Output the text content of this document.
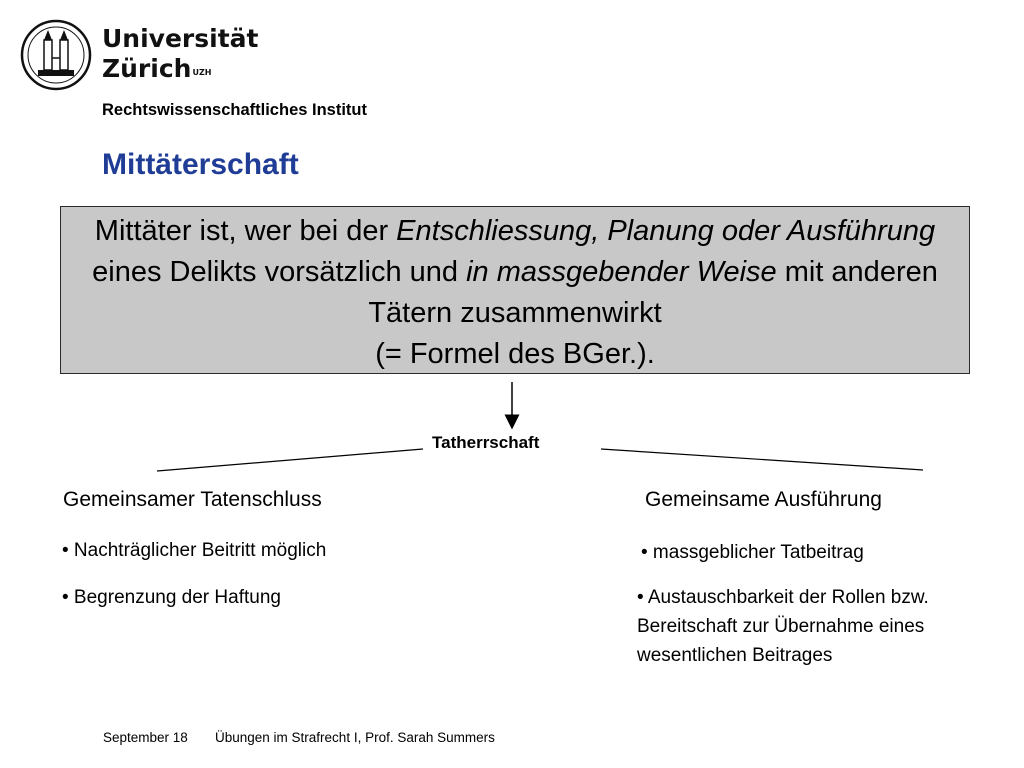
Universität
Zürich$^{UZH}$
Rechtswissenschaftliches Institut
Mittäterschaft
Mittäter ist, wer bei der Entschliessung, Planung oder Ausführung eines Delikts vorsätzlich und in massgebender Weise mit anderen Tätern zusammenwirkt
(= Formel des BGer.).
Tatherrschaft
Gemeinsamer Tatenschluss	Gemeinsame Ausführung
• Nachträglicher Beitritt möglich
• Begrenzung der Haftung
• massgeblicher Tatbeitrag
• Austauschbarkeit der Rollen bzw. Bereitschaft zur Übernahme eines wesentlichen Beitrages
September 18 Übungen im Strafrecht I, Prof. Sarah Summers
